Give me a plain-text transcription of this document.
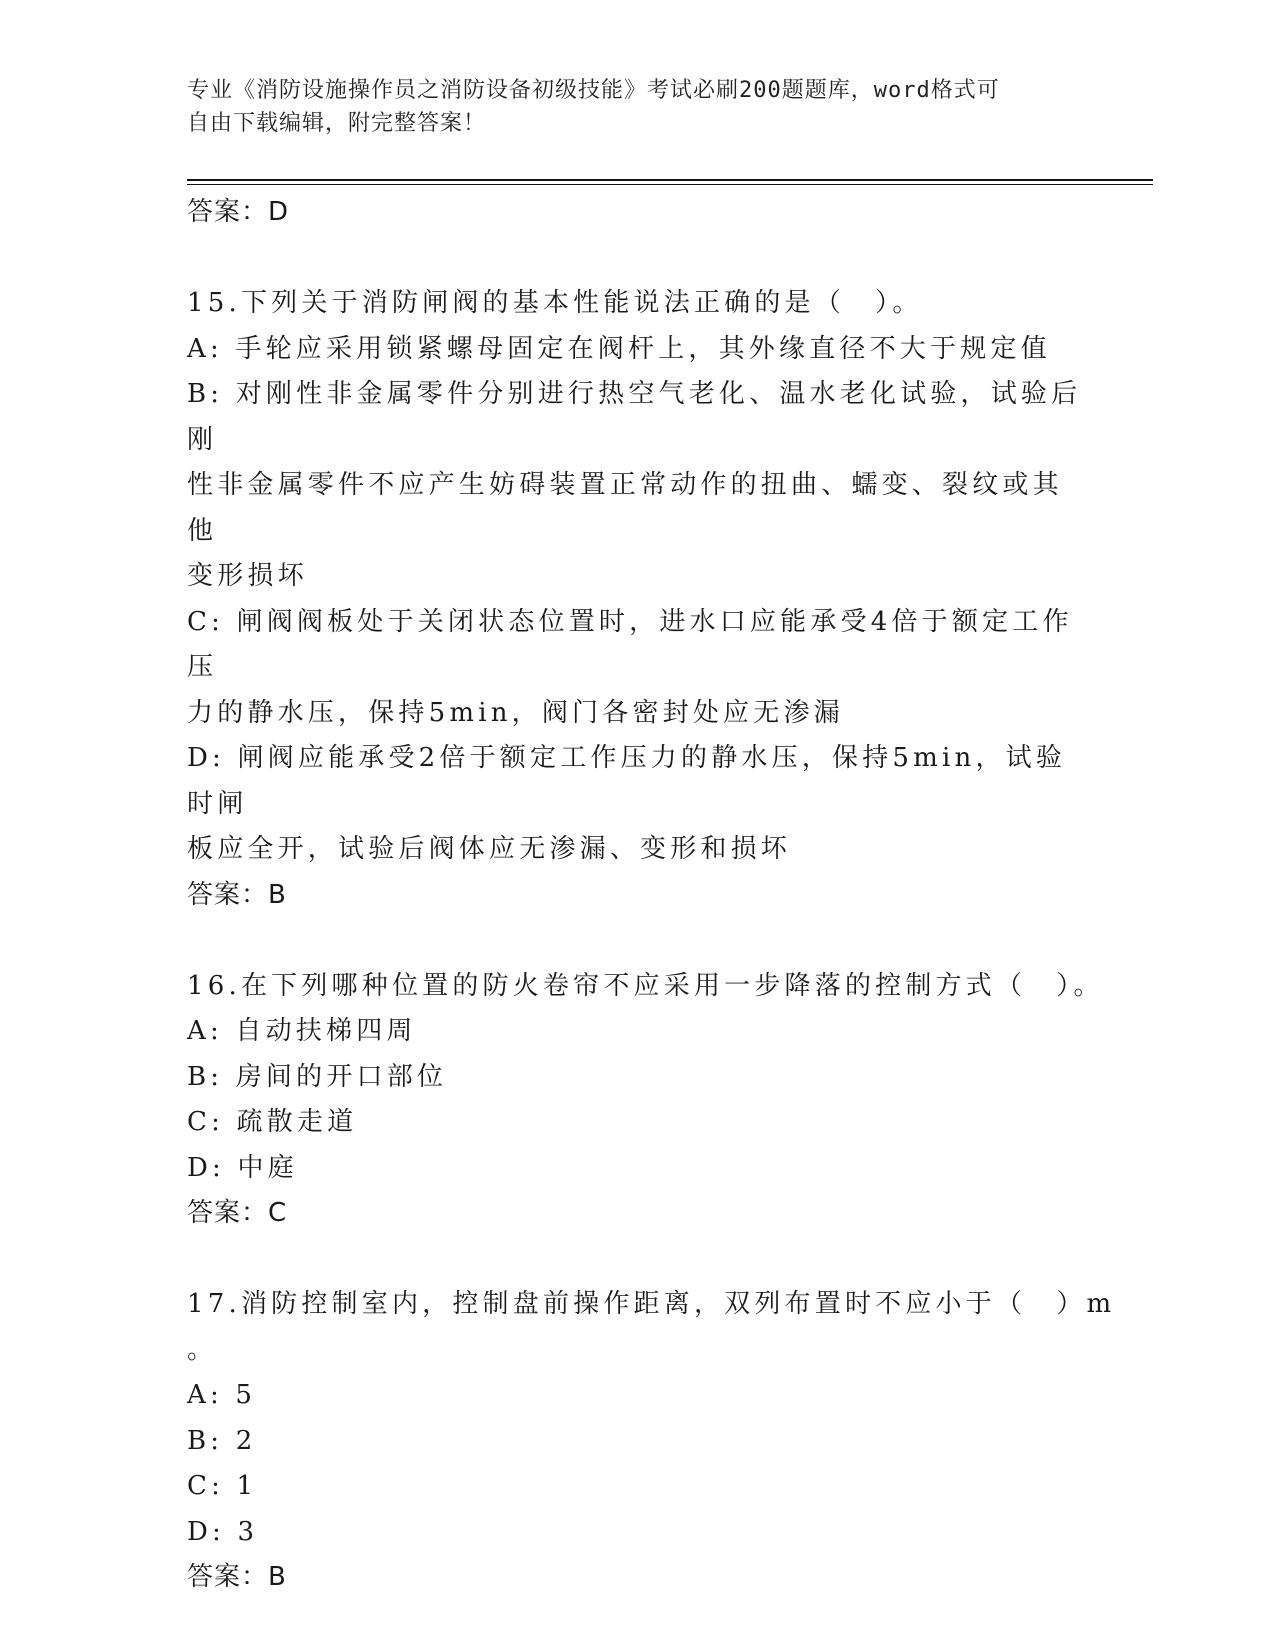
专业《消防设施操作员之消防设备初级技能》考试必刷200题题库，word格式可
自由下载编辑，附完整答案！
答案：D
15.下列关于消防闸阀的基本性能说法正确的是（　）。
A: 手轮应采用锁紧螺母固定在阀杆上，其外缘直径不大于规定值
B: 对刚性非金属零件分别进行热空气老化、温水老化试验，试验后刚
性非金属零件不应产生妨碍装置正常动作的扭曲、蠕变、裂纹或其他
变形损坏
C: 闸阀阀板处于关闭状态位置时，进水口应能承受4倍于额定工作压
力的静水压，保持5min，阀门各密封处应无渗漏
D: 闸阀应能承受2倍于额定工作压力的静水压，保持5min，试验时闸
板应全开，试验后阀体应无渗漏、变形和损坏
答案：B
16.在下列哪种位置的防火卷帘不应采用一步降落的控制方式（　）。
A: 自动扶梯四周
B: 房间的开口部位
C: 疏散走道
D: 中庭
答案：C
17.消防控制室内，控制盘前操作距离，双列布置时不应小于（　）m
。
A: 5
B: 2
C: 1
D: 3
答案：B
